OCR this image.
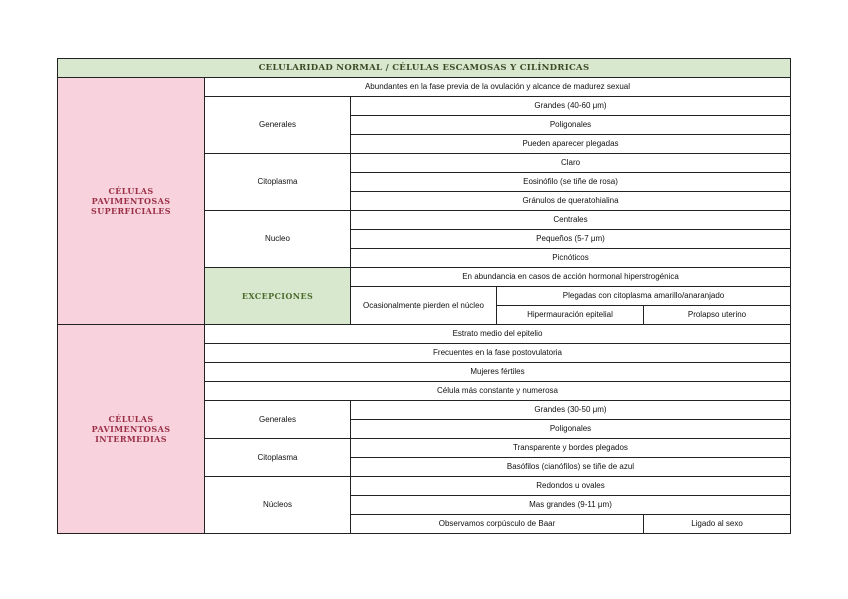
CELULARIDAD NORMAL / CÉLULAS ESCAMOSAS Y CILÍNDRICAS				
CÉLULAS
PAVIMENTOSAS
SUPERFICIALES	Abundantes en la fase previa de la ovulación y alcance de madurez sexual			
	Generales	Grandes (40-60 μm)		
		Poligonales		
		Pueden aparecer plegadas		
	Citoplasma	Claro		
		Eosinófilo (se tiñe de rosa)		
		Gránulos de queratohialina		
	Nucleo	Centrales		
		Pequeños (5-7 μm)		
		Picnóticos		
	EXCEPCIONES	En abundancia en casos de acción hormonal hiperstrogénica		
		Ocasionalmente pierden el núcleo	Plegadas con citoplasma amarillo/anaranjado	
			Hipermauración epitelial	Prolapso uterino
CÉLULAS
PAVIMENTOSAS
INTERMEDIAS	Estrato medio del epitelio			
	Frecuentes en la fase postovulatoria			
	Mujeres fértiles			
	Célula más constante y numerosa			
	Generales	Grandes (30-50 μm)		
		Poligonales		
	Citoplasma	Transparente y bordes plegados		
		Basófilos (cianófilos) se tiñe de azul		
	Núcleos	Redondos u ovales		
		Mas grandes (9-11 μm)		
		Observamos corpúsculo de Baar		Ligado al sexo
